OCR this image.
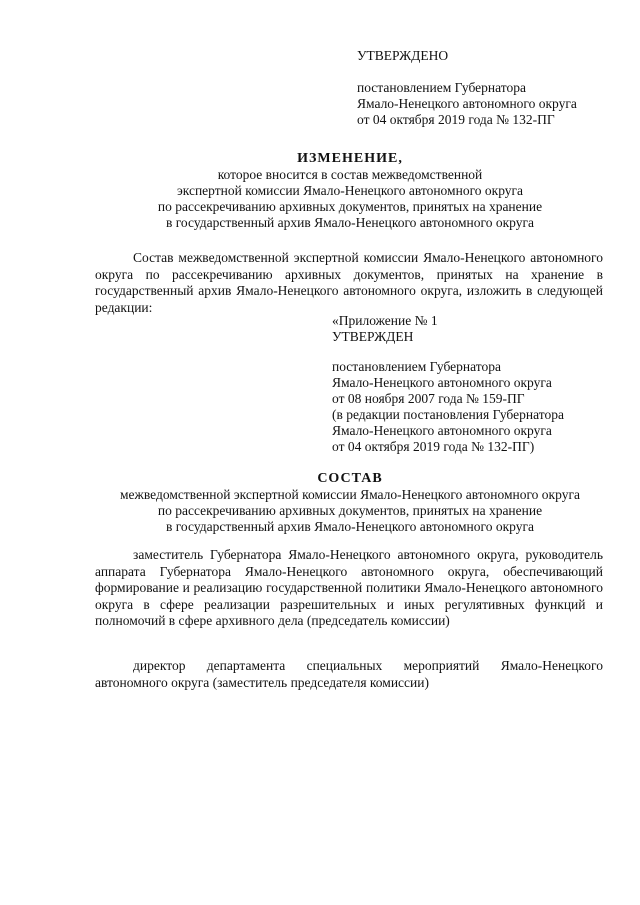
УТВЕРЖДЕНО
постановлением Губернатора
Ямало-Ненецкого автономного округа
от 04 октября 2019 года № 132-ПГ
ИЗМЕНЕНИЕ,
которое вносится в состав межведомственной
экспертной комиссии Ямало-Ненецкого автономного округа
по рассекречиванию архивных документов, принятых на хранение
в государственный архив Ямало-Ненецкого автономного округа

Состав межведомственной экспертной комиссии Ямало-Ненецкого автономного округа по рассекречиванию архивных документов, принятых на хранение в государственный архив Ямало-Ненецкого автономного округа, изложить в следующей редакции:

«Приложение № 1
УТВЕРЖДЕН
постановлением Губернатора
Ямало-Ненецкого автономного округа
от 08 ноября 2007 года № 159-ПГ
(в редакции постановления Губернатора
Ямало-Ненецкого автономного округа
от 04 октября 2019 года № 132-ПГ)
СОСТАВ
межведомственной экспертной комиссии Ямало-Ненецкого автономного округа
по рассекречиванию архивных документов, принятых на хранение
в государственный архив Ямало-Ненецкого автономного округа

заместитель Губернатора Ямало-Ненецкого автономного округа, руководитель аппарата Губернатора Ямало-Ненецкого автономного округа, обеспечивающий формирование и реализацию государственной политики Ямало-Ненецкого автономного округа в сфере реализации разрешительных и иных регулятивных функций и полномочий в сфере архивного дела (председатель комиссии)

директор департамента специальных мероприятий Ямало-Ненецкого автономного округа (заместитель председателя комиссии)
